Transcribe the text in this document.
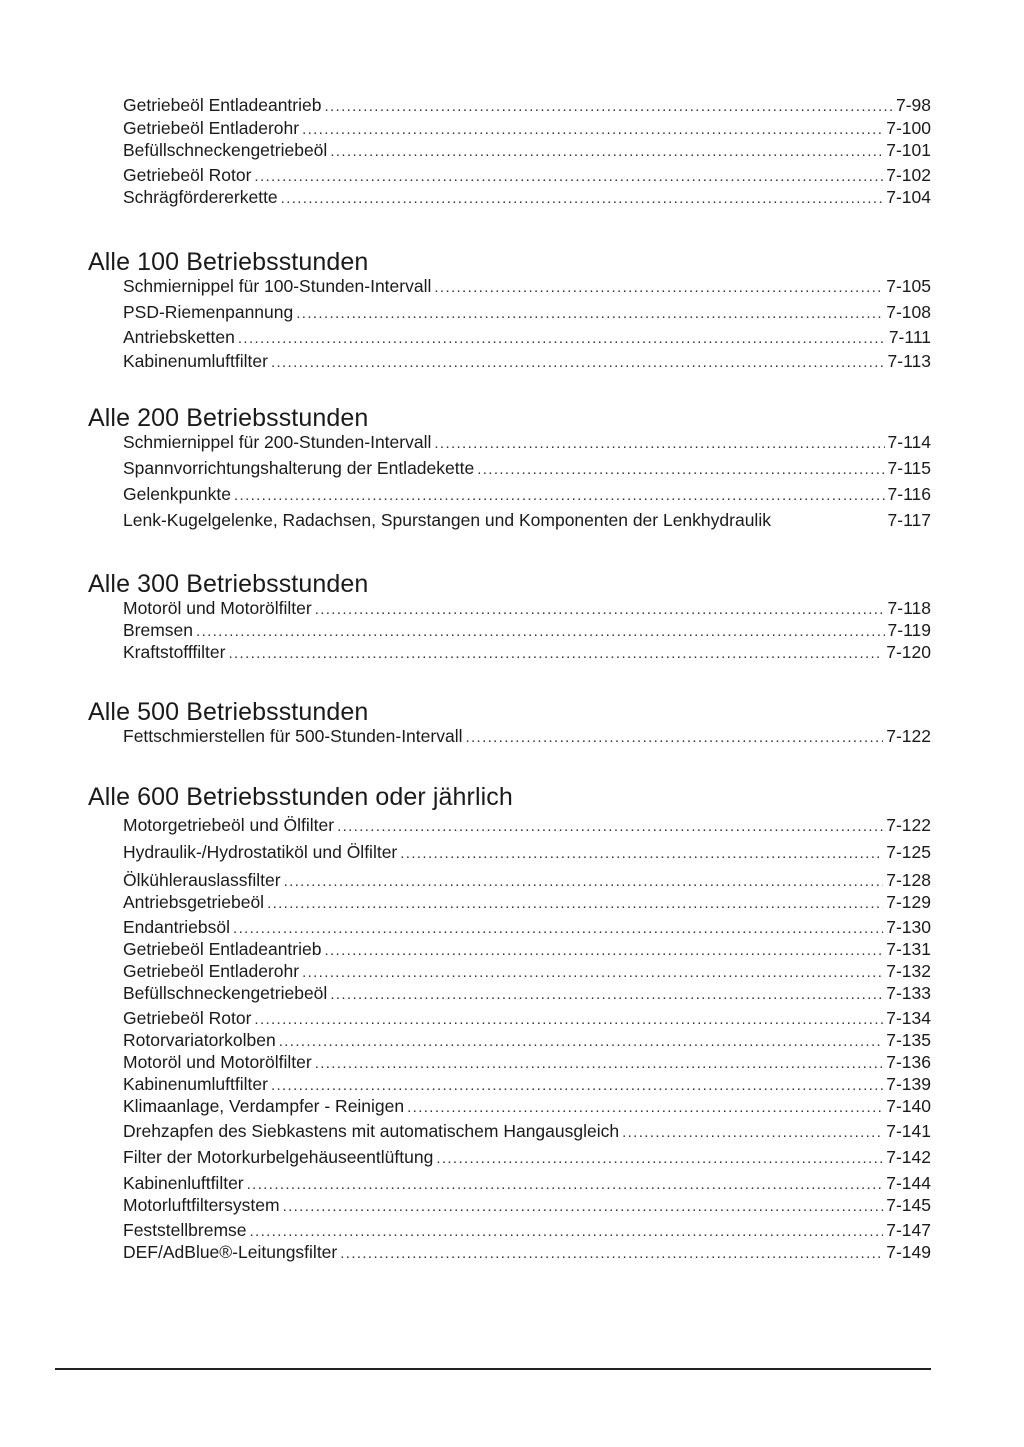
Getriebeöl Entladeantrieb . . .	7-98
Getriebeöl Entladerohr . . .	7-100
Befüllschneckengetriebeöl . . .	7-101
Getriebeöl Rotor . . .	7-102
Schrägfördererkette . . .	7-104
Alle 100 Betriebsstunden
Schmiernippel für 100-Stunden-Intervall . . .	7-105
PSD-Riemenpannung . . .	7-108
Antriebsketten . . .	7-111
Kabinenumluftfilter . . .	7-113
Alle 200 Betriebsstunden
Schmiernippel für 200-Stunden-Intervall . . .	7-114
Spannvorrichtungshalterung der Entladekette . . .	7-115
Gelenkpunkte . . .	7-116
Lenk-Kugelgelenke, Radachsen, Spurstangen und Komponenten der Lenkhydraulik	7-117
Alle 300 Betriebsstunden
Motoröl und Motorölfilter . . .	7-118
Bremsen . . .	7-119
Kraftstofffilter . . .	7-120
Alle 500 Betriebsstunden
Fettschmierstellen für 500-Stunden-Intervall . . .	7-122
Alle 600 Betriebsstunden oder jährlich
Motorgetriebeöl und Ölfilter . . .	7-122
Hydraulik-/Hydrostatiköl und Ölfilter . . .	7-125
Ölkühlerauslassfilter . . .	7-128
Antriebsgetriebeöl . . .	7-129
Endantriebsöl . . .	7-130
Getriebeöl Entladeantrieb . . .	7-131
Getriebeöl Entladerohr . . .	7-132
Befüllschneckengetriebeöl . . .	7-133
Getriebeöl Rotor . . .	7-134
Rotorvariatorkolben . . .	7-135
Motoröl und Motorölfilter . . .	7-136
Kabinenumluftfilter . . .	7-139
Klimaanlage, Verdampfer - Reinigen . . .	7-140
Drehzapfen des Siebkastens mit automatischem Hangausgleich . . .	7-141
Filter der Motorkurbelgehäuseentlüftung . . .	7-142
Kabinenluftfilter . . .	7-144
Motorluftfiltersystem . . .	7-145
Feststellbremse . . .	7-147
DEF/AdBlue®-Leitungsfilter . . .	7-149
